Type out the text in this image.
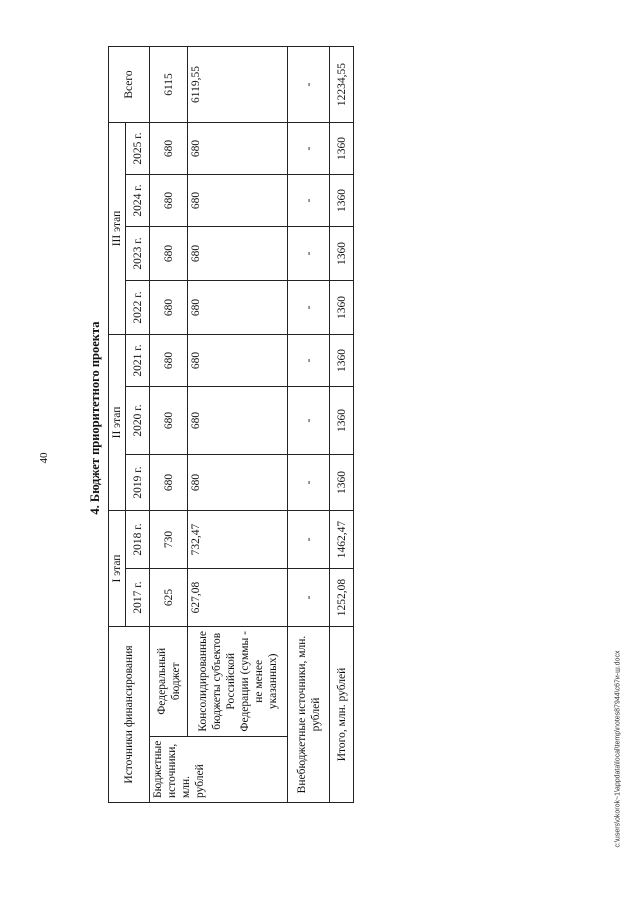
40
c:\users\okorok~1\appdata\local\temp\notes87944\с67и-ш.docx
4. Бюджет приоритетного проекта
Источники финансирования		I этап		II этап			III этап				Всего
		2017 г.	2018 г.	2019 г.	2020 г.	2021 г.	2022 г.	2023 г.	2024 г.	2025 г.	
Бюджетные источники, млн. рублей	Федеральный бюджет	625	730	680	680	680	680	680	680	680	6115
	Консолидированные бюджеты субъектов Российской Федерации (суммы - не менее указанных)	627,08	732,47	680	680	680	680	680	680	680	6119,55
Внебюджетные источники, млн. рублей		-	-	-	-	-	-	-	-	-	-
Итого, млн. рублей		1252,08	1462,47	1360	1360	1360	1360	1360	1360	1360	12234,55
